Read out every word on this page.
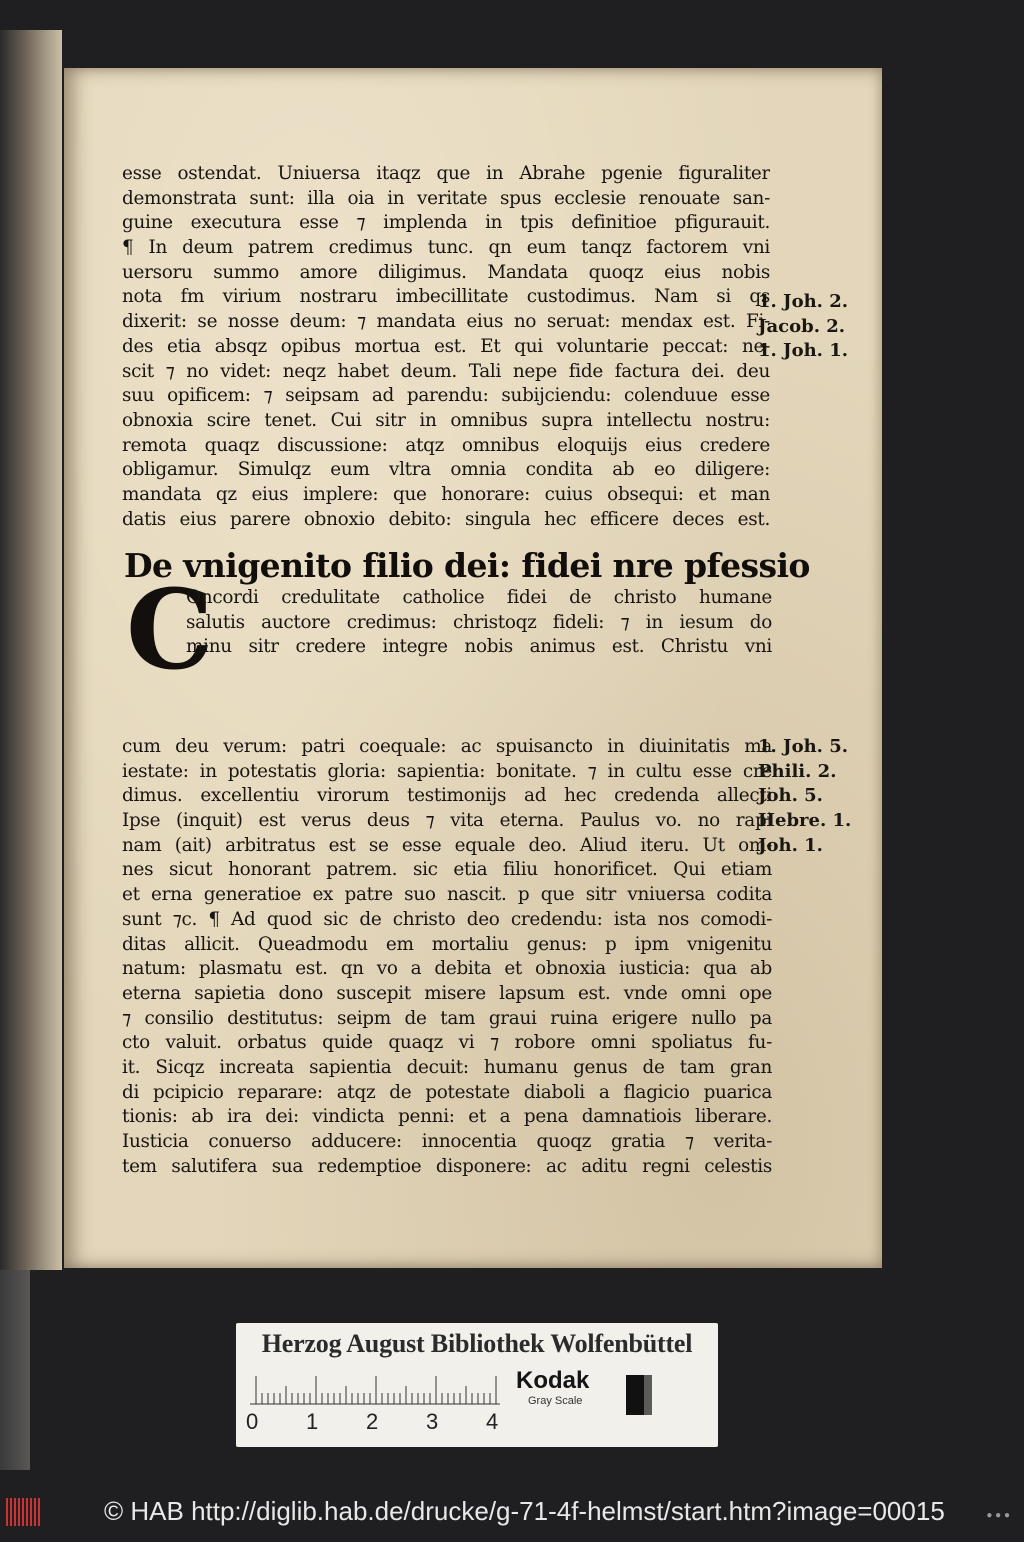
esse ostendat. Uniuersa itaqz que in Abrahe pgenie figuraliter
demonstrata sunt: illa oia in veritate spus ecclesie renouate san-
guine executura esse ⁊ implenda in tpis definitioe pfigurauit.
¶ In deum patrem credimus tunc. qn eum tanqz factorem vni
uersoru summo amore diligimus. Mandata quoqz eius nobis
nota fm virium nostraru imbecillitate custodimus. Nam si qs
dixerit: se nosse deum: ⁊ mandata eius no seruat: mendax est. Fi-
des etia absqz opibus mortua est. Et qui voluntarie peccat: ne-
scit ⁊ no videt: neqz habet deum. Tali nepe fide factura dei. deu
suu opificem: ⁊ seipsam ad parendu: subijciendu: colenduue esse
obnoxia scire tenet. Cui sitr in omnibus supra intellectu nostru:
remota quaqz discussione: atqz omnibus eloquijs eius credere
obligamur. Simulqz eum vltra omnia condita ab eo diligere:
mandata qz eius implere: que honorare: cuius obsequi: et man
datis eius parere obnoxio debito: singula hec efficere deces est.
De vnigenito filio dei: fidei nre pfessio
C
Oncordi credulitate catholice fidei de christo humane
salutis auctore credimus: christoqz fideli: ⁊ in iesum do
minu sitr credere integre nobis animus est. Christu vni
cum deu verum: patri coequale: ac spuisancto in diuinitatis ma
iestate: in potestatis gloria: sapientia: bonitate. ⁊ in cultu esse cre
dimus. excellentiu virorum testimonijs ad hec credenda allecti
Ipse (inquit) est verus deus ⁊ vita eterna. Paulus vo. no rapi
nam (ait) arbitratus est se esse equale deo. Aliud iteru. Ut om-
nes sicut honorant patrem. sic etia filiu honorificet. Qui etiam
et erna generatioe ex patre suo nascit. p que sitr vniuersa codita
sunt ⁊c. ¶ Ad quod sic de christo deo credendu: ista nos comodi-
ditas allicit. Queadmodu em mortaliu genus: p ipm vnigenitu
natum: plasmatu est. qn vo a debita et obnoxia iusticia: qua ab
eterna sapietia dono suscepit misere lapsum est. vnde omni ope
⁊ consilio destitutus: seipm de tam graui ruina erigere nullo pa
cto valuit. orbatus quide quaqz vi ⁊ robore omni spoliatus fu-
it. Sicqz increata sapientia decuit: humanu genus de tam gran
di pcipicio reparare: atqz de potestate diaboli a flagicio puarica
tionis: ab ira dei: vindicta penni: et a pena damnatiois liberare.
Iusticia conuerso adducere: innocentia quoqz gratia ⁊ verita-
tem salutifera sua redemptioe disponere: ac aditu regni celestis
1. Joh. 2.
Jacob. 2.
1. Joh. 1.
1. Joh. 5.
Phili. 2.
Joh. 5.
Hebre. 1.
Joh. 1.
Herzog August Bibliothek Wolfenbüttel
0 1 2 3 4
Kodak
Gray Scale
© HAB http://diglib.hab.de/drucke/g-71-4f-helmst/start.htm?image=00015	● ● ●
